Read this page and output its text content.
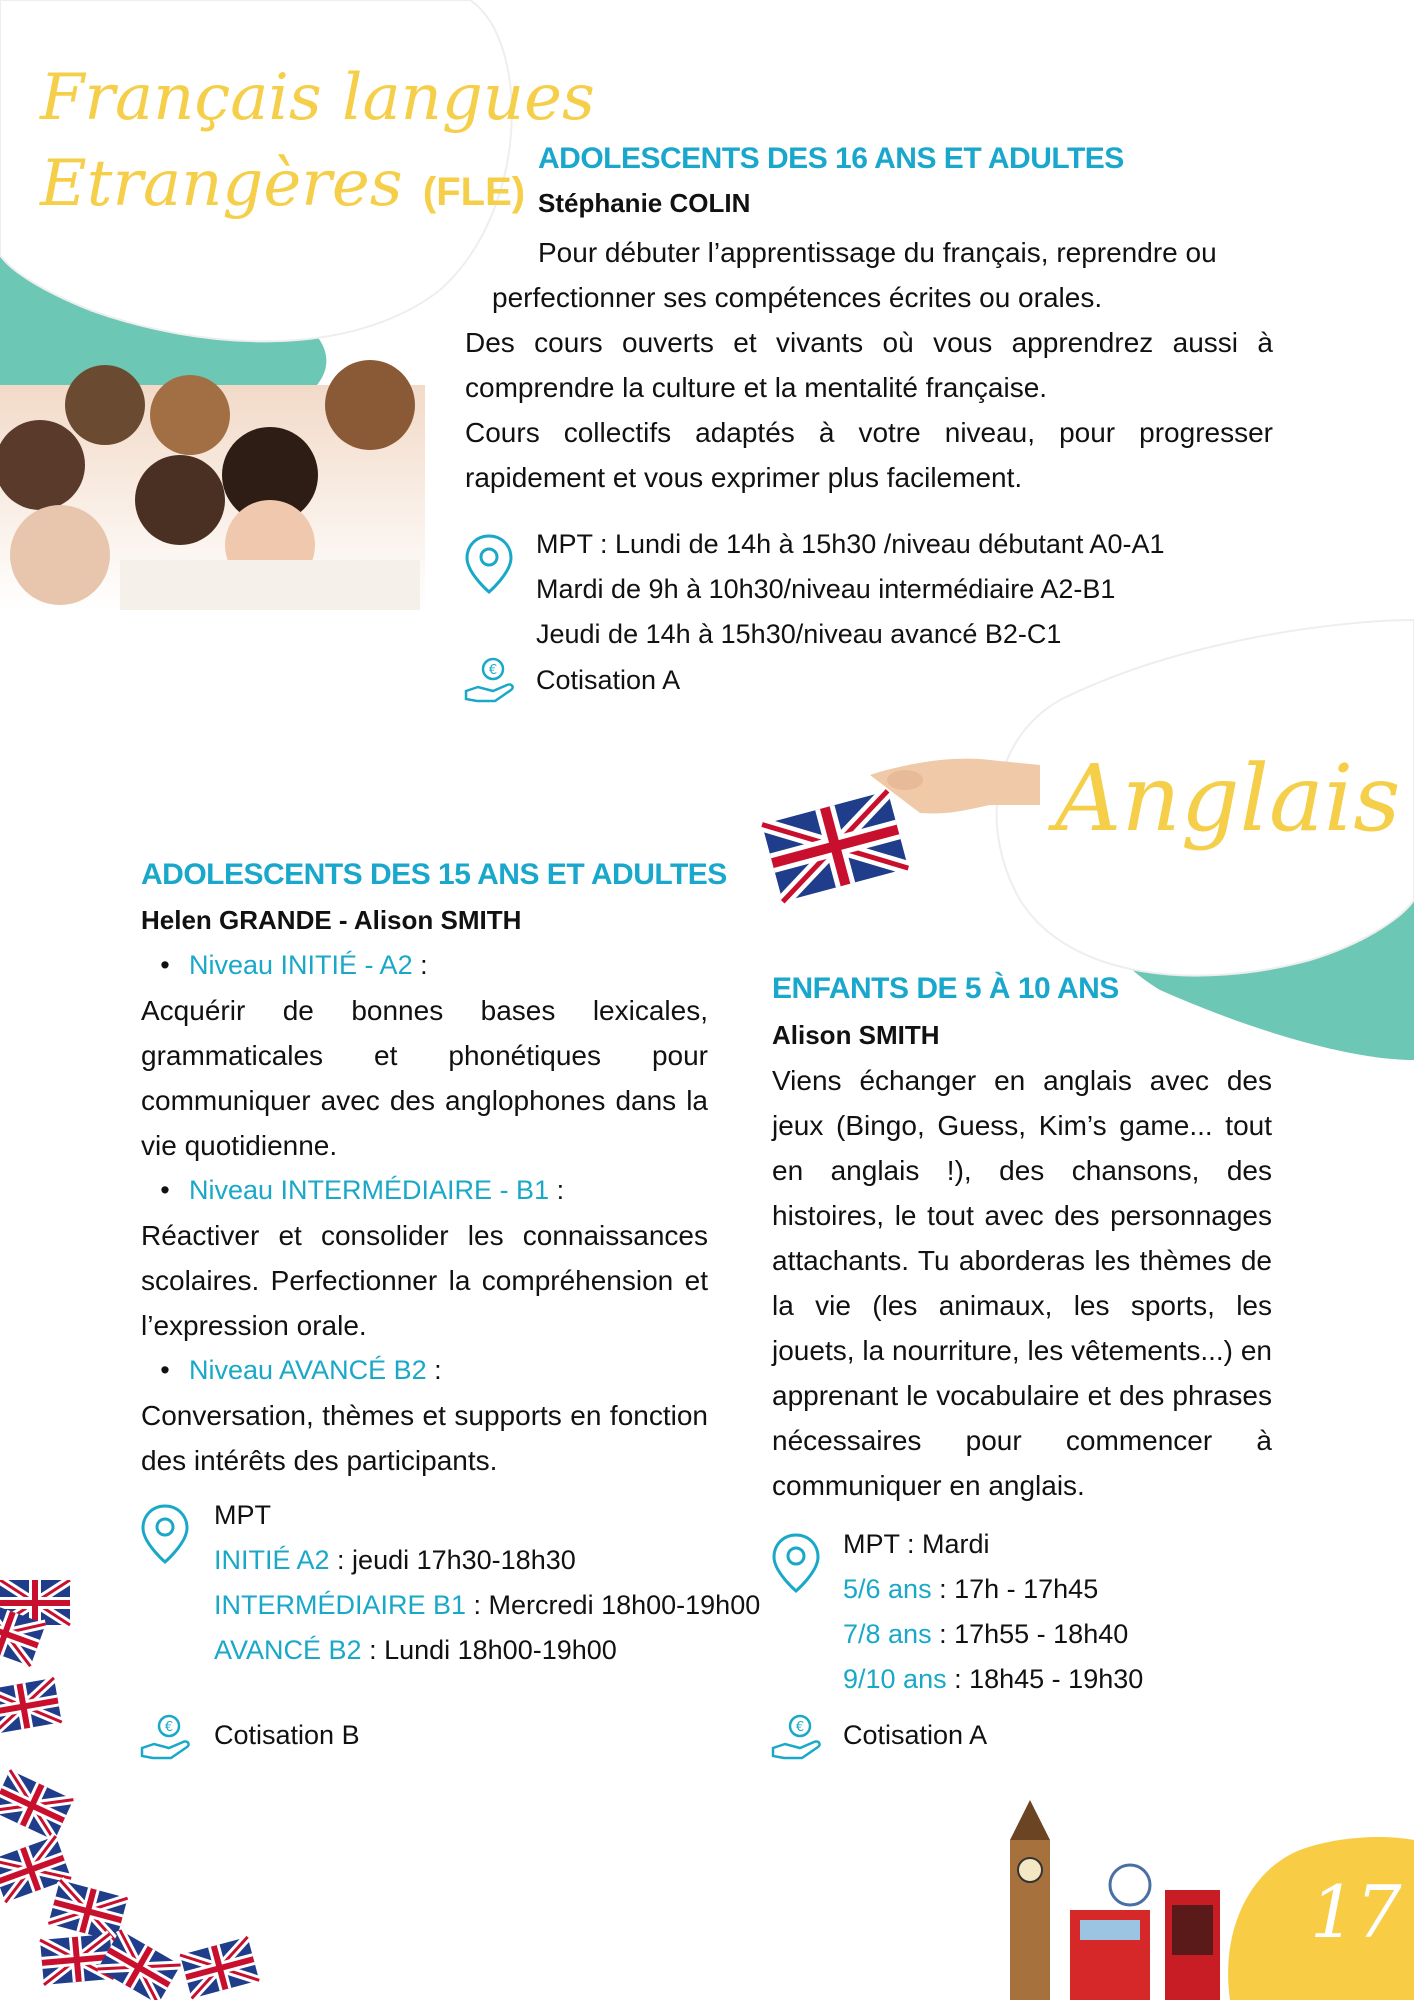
Français langues
Etrangères (FLE)
ADOLESCENTS DES 16 ANS ET ADULTES
Stéphanie COLIN
Pour débuter l’apprentissage du français, reprendre ou
perfectionner ses compétences écrites ou orales.
Des cours ouverts et vivants où vous apprendrez aussi à comprendre la culture et la mentalité française.
Cours collectifs adaptés à votre niveau, pour progresser rapidement et vous exprimer plus facilement.
MPT : Lundi de 14h à 15h30 /niveau débutant A0-A1
Mardi de 9h à 10h30/niveau intermédiaire A2-B1
Jeudi de 14h à 15h30/niveau avancé B2-C1
€ Cotisation A
Anglais
ADOLESCENTS DES 15 ANS ET ADULTES
Helen GRANDE - Alison SMITH
• Niveau INITIÉ - A2 :
Acquérir de bonnes bases lexicales, grammaticales et phonétiques pour communiquer avec des anglophones dans la vie quotidienne.
• Niveau INTERMÉDIAIRE - B1 :
Réactiver et consolider les connaissances scolaires. Perfectionner la compréhension et l’expression orale.
• Niveau AVANCÉ B2 :
Conversation, thèmes et supports en fonction des intérêts des participants.
MPT
INITIÉ A2 : jeudi 17h30-18h30
INTERMÉDIAIRE B1 : Mercredi 18h00-19h00
AVANCÉ B2 : Lundi 18h00-19h00
€ Cotisation B
ENFANTS DE 5 À 10 ANS
Alison SMITH
Viens échanger en anglais avec des jeux (Bingo, Guess, Kim’s game... tout en anglais !), des chansons, des histoires, le tout avec des personnages attachants. Tu aborderas les thèmes de la vie (les animaux, les sports, les jouets, la nourriture, les vêtements...) en apprenant le vocabulaire et des phrases nécessaires pour commencer à communiquer en anglais.
MPT : Mardi
5/6 ans : 17h - 17h45
7/8 ans : 17h55 - 18h40
9/10 ans : 18h45 - 19h30
€ Cotisation A
17
